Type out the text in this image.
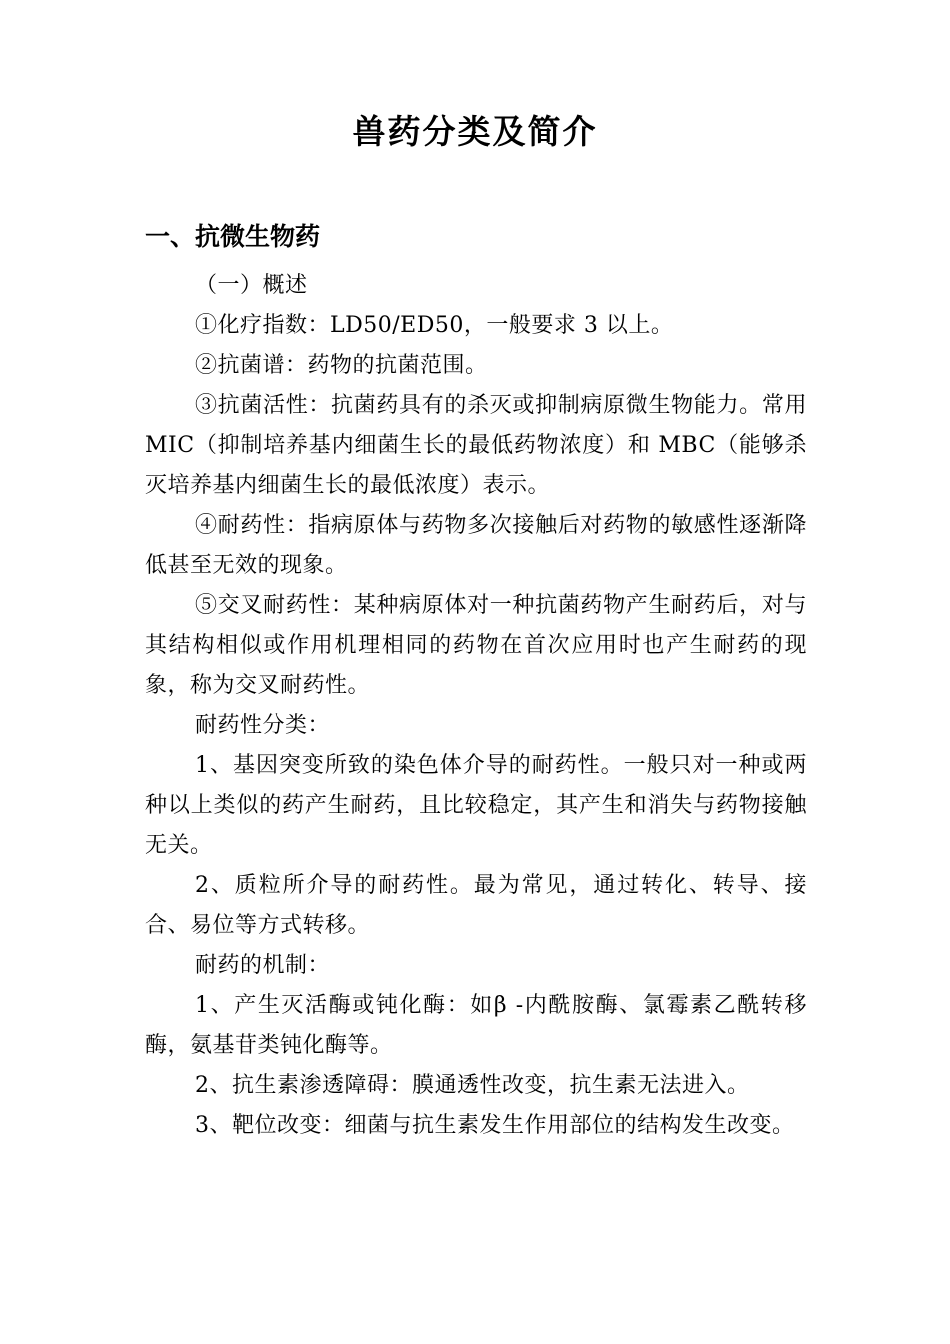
兽药分类及简介
一、抗微生物药

（一）概述

①化疗指数：LD50/ED50，一般要求 3 以上。

②抗菌谱：药物的抗菌范围。

③抗菌活性：抗菌药具有的杀灭或抑制病原微生物能力。常用 MIC（抑制培养基内细菌生长的最低药物浓度）和 MBC（能够杀灭培养基内细菌生长的最低浓度）表示。

④耐药性：指病原体与药物多次接触后对药物的敏感性逐渐降低甚至无效的现象。

⑤交叉耐药性：某种病原体对一种抗菌药物产生耐药后，对与其结构相似或作用机理相同的药物在首次应用时也产生耐药的现象，称为交叉耐药性。

耐药性分类：

1、基因突变所致的染色体介导的耐药性。一般只对一种或两种以上类似的药产生耐药，且比较稳定，其产生和消失与药物接触无关。

2、质粒所介导的耐药性。最为常见，通过转化、转导、接合、易位等方式转移。

耐药的机制：

1、产生灭活酶或钝化酶：如β -内酰胺酶、氯霉素乙酰转移酶，氨基苷类钝化酶等。

2、抗生素渗透障碍：膜通透性改变，抗生素无法进入。

3、靶位改变：细菌与抗生素发生作用部位的结构发生改变。
